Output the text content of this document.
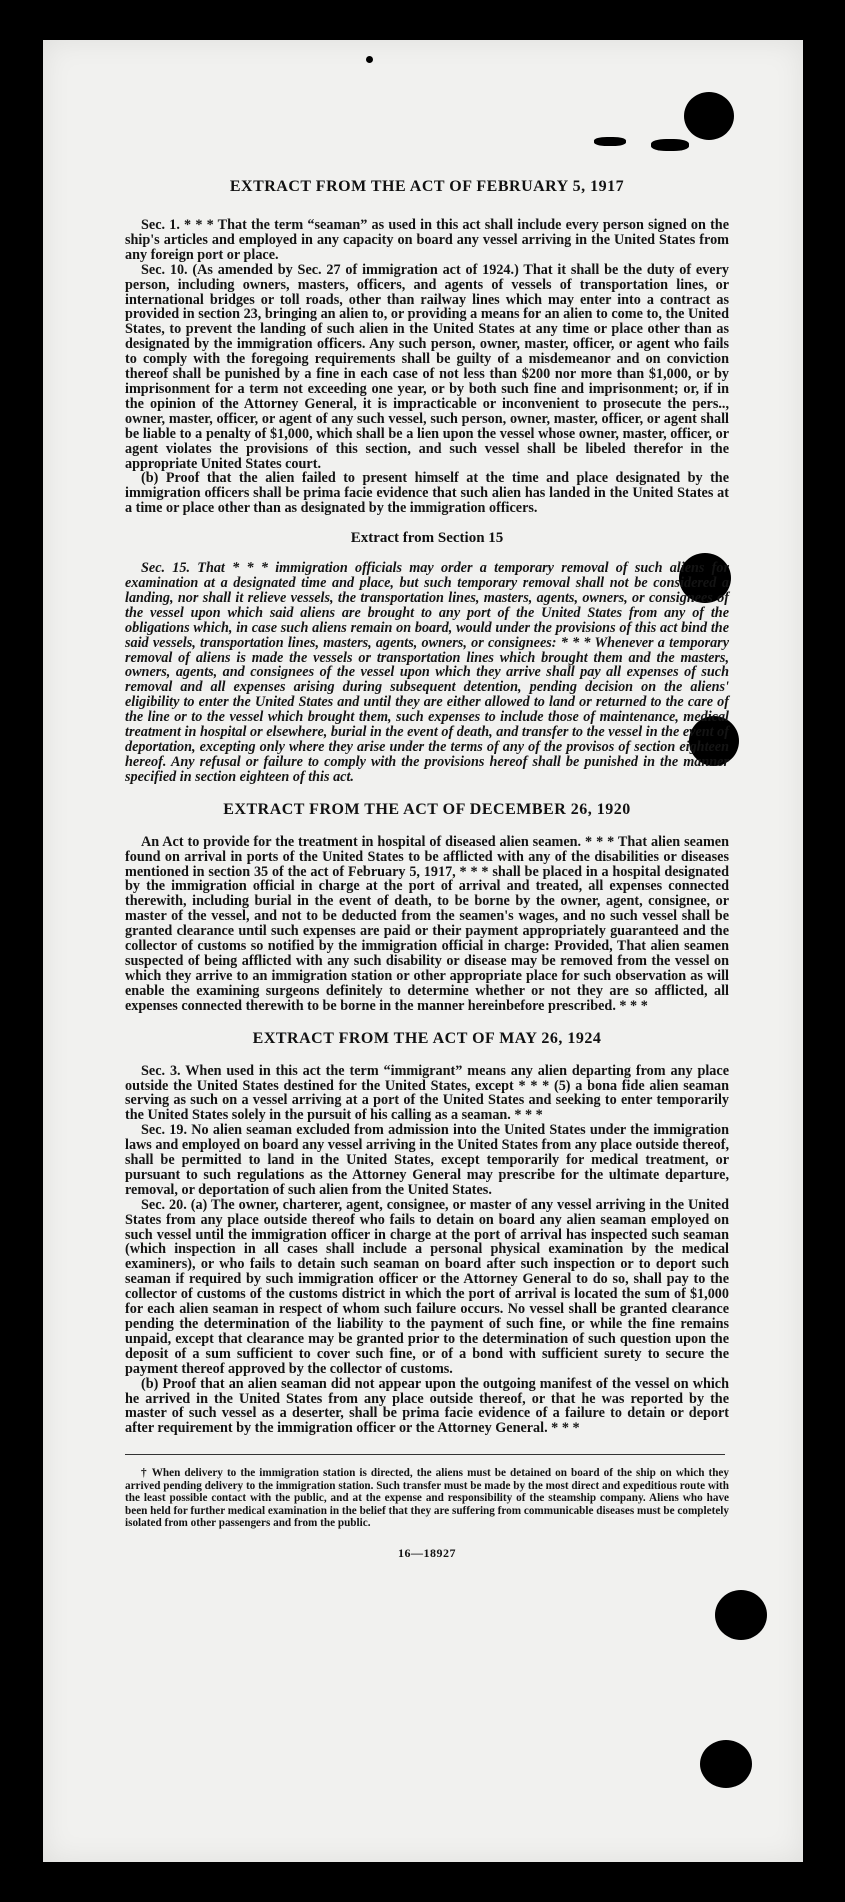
EXTRACT FROM THE ACT OF FEBRUARY 5, 1917

Sec. 1. * * * That the term “seaman” as used in this act shall include every person signed on the ship's articles and employed in any capacity on board any vessel arriving in the United States from any foreign port or place.

Sec. 10. (As amended by Sec. 27 of immigration act of 1924.) That it shall be the duty of every person, including owners, masters, officers, and agents of vessels of transportation lines, or international bridges or toll roads, other than railway lines which may enter into a contract as provided in section 23, bringing an alien to, or providing a means for an alien to come to, the United States, to prevent the landing of such alien in the United States at any time or place other than as designated by the immigration officers. Any such person, owner, master, officer, or agent who fails to comply with the foregoing requirements shall be guilty of a misdemeanor and on conviction thereof shall be punished by a fine in each case of not less than $200 nor more than $1,000, or by imprisonment for a term not exceeding one year, or by both such fine and imprisonment; or, if in the opinion of the Attorney General, it is impracticable or inconvenient to prosecute the pers.., owner, master, officer, or agent of any such vessel, such person, owner, master, officer, or agent shall be liable to a penalty of $1,000, which shall be a lien upon the vessel whose owner, master, officer, or agent violates the provisions of this section, and such vessel shall be libeled therefor in the appropriate United States court.

(b) Proof that the alien failed to present himself at the time and place designated by the immigration officers shall be prima facie evidence that such alien has landed in the United States at a time or place other than as designated by the immigration officers.

Extract from Section 15

Sec. 15. That * * * immigration officials may order a temporary removal of such aliens for examination at a designated time and place, but such temporary removal shall not be considered a landing, nor shall it relieve vessels, the transportation lines, masters, agents, owners, or consignees of the vessel upon which said aliens are brought to any port of the United States from any of the obligations which, in case such aliens remain on board, would under the provisions of this act bind the said vessels, transportation lines, masters, agents, owners, or consignees: * * * Whenever a temporary removal of aliens is made the vessels or transportation lines which brought them and the masters, owners, agents, and consignees of the vessel upon which they arrive shall pay all expenses of such removal and all expenses arising during subsequent detention, pending decision on the aliens' eligibility to enter the United States and until they are either allowed to land or returned to the care of the line or to the vessel which brought them, such expenses to include those of maintenance, medical treatment in hospital or elsewhere, burial in the event of death, and transfer to the vessel in the event of deportation, excepting only where they arise under the terms of any of the provisos of section eighteen hereof. Any refusal or failure to comply with the provisions hereof shall be punished in the manner specified in section eighteen of this act.

EXTRACT FROM THE ACT OF DECEMBER 26, 1920

An Act to provide for the treatment in hospital of diseased alien seamen. * * * That alien seamen found on arrival in ports of the United States to be afflicted with any of the disabilities or diseases mentioned in section 35 of the act of February 5, 1917, * * * shall be placed in a hospital designated by the immigration official in charge at the port of arrival and treated, all expenses connected therewith, including burial in the event of death, to be borne by the owner, agent, consignee, or master of the vessel, and not to be deducted from the seamen's wages, and no such vessel shall be granted clearance until such expenses are paid or their payment appropriately guaranteed and the collector of customs so notified by the immigration official in charge: Provided, That alien seamen suspected of being afflicted with any such disability or disease may be removed from the vessel on which they arrive to an immigration station or other appropriate place for such observation as will enable the examining surgeons definitely to determine whether or not they are so afflicted, all expenses connected therewith to be borne in the manner hereinbefore prescribed. * * *

EXTRACT FROM THE ACT OF MAY 26, 1924

Sec. 3. When used in this act the term “immigrant” means any alien departing from any place outside the United States destined for the United States, except * * * (5) a bona fide alien seaman serving as such on a vessel arriving at a port of the United States and seeking to enter temporarily the United States solely in the pursuit of his calling as a seaman. * * *

Sec. 19. No alien seaman excluded from admission into the United States under the immigration laws and employed on board any vessel arriving in the United States from any place outside thereof, shall be permitted to land in the United States, except temporarily for medical treatment, or pursuant to such regulations as the Attorney General may prescribe for the ultimate departure, removal, or deportation of such alien from the United States.

Sec. 20. (a) The owner, charterer, agent, consignee, or master of any vessel arriving in the United States from any place outside thereof who fails to detain on board any alien seaman employed on such vessel until the immigration officer in charge at the port of arrival has inspected such seaman (which inspection in all cases shall include a personal physical examination by the medical examiners), or who fails to detain such seaman on board after such inspection or to deport such seaman if required by such immigration officer or the Attorney General to do so, shall pay to the collector of customs of the customs district in which the port of arrival is located the sum of $1,000 for each alien seaman in respect of whom such failure occurs. No vessel shall be granted clearance pending the determination of the liability to the payment of such fine, or while the fine remains unpaid, except that clearance may be granted prior to the determination of such question upon the deposit of a sum sufficient to cover such fine, or of a bond with sufficient surety to secure the payment thereof approved by the collector of customs.

(b) Proof that an alien seaman did not appear upon the outgoing manifest of the vessel on which he arrived in the United States from any place outside thereof, or that he was reported by the master of such vessel as a deserter, shall be prima facie evidence of a failure to detain or deport after requirement by the immigration officer or the Attorney General. * * *

† When delivery to the immigration station is directed, the aliens must be detained on board of the ship on which they arrived pending delivery to the immigration station. Such transfer must be made by the most direct and expeditious route with the least possible contact with the public, and at the expense and responsibility of the steamship company. Aliens who have been held for further medical examination in the belief that they are suffering from communicable diseases must be completely isolated from other passengers and from the public.

16—18927
